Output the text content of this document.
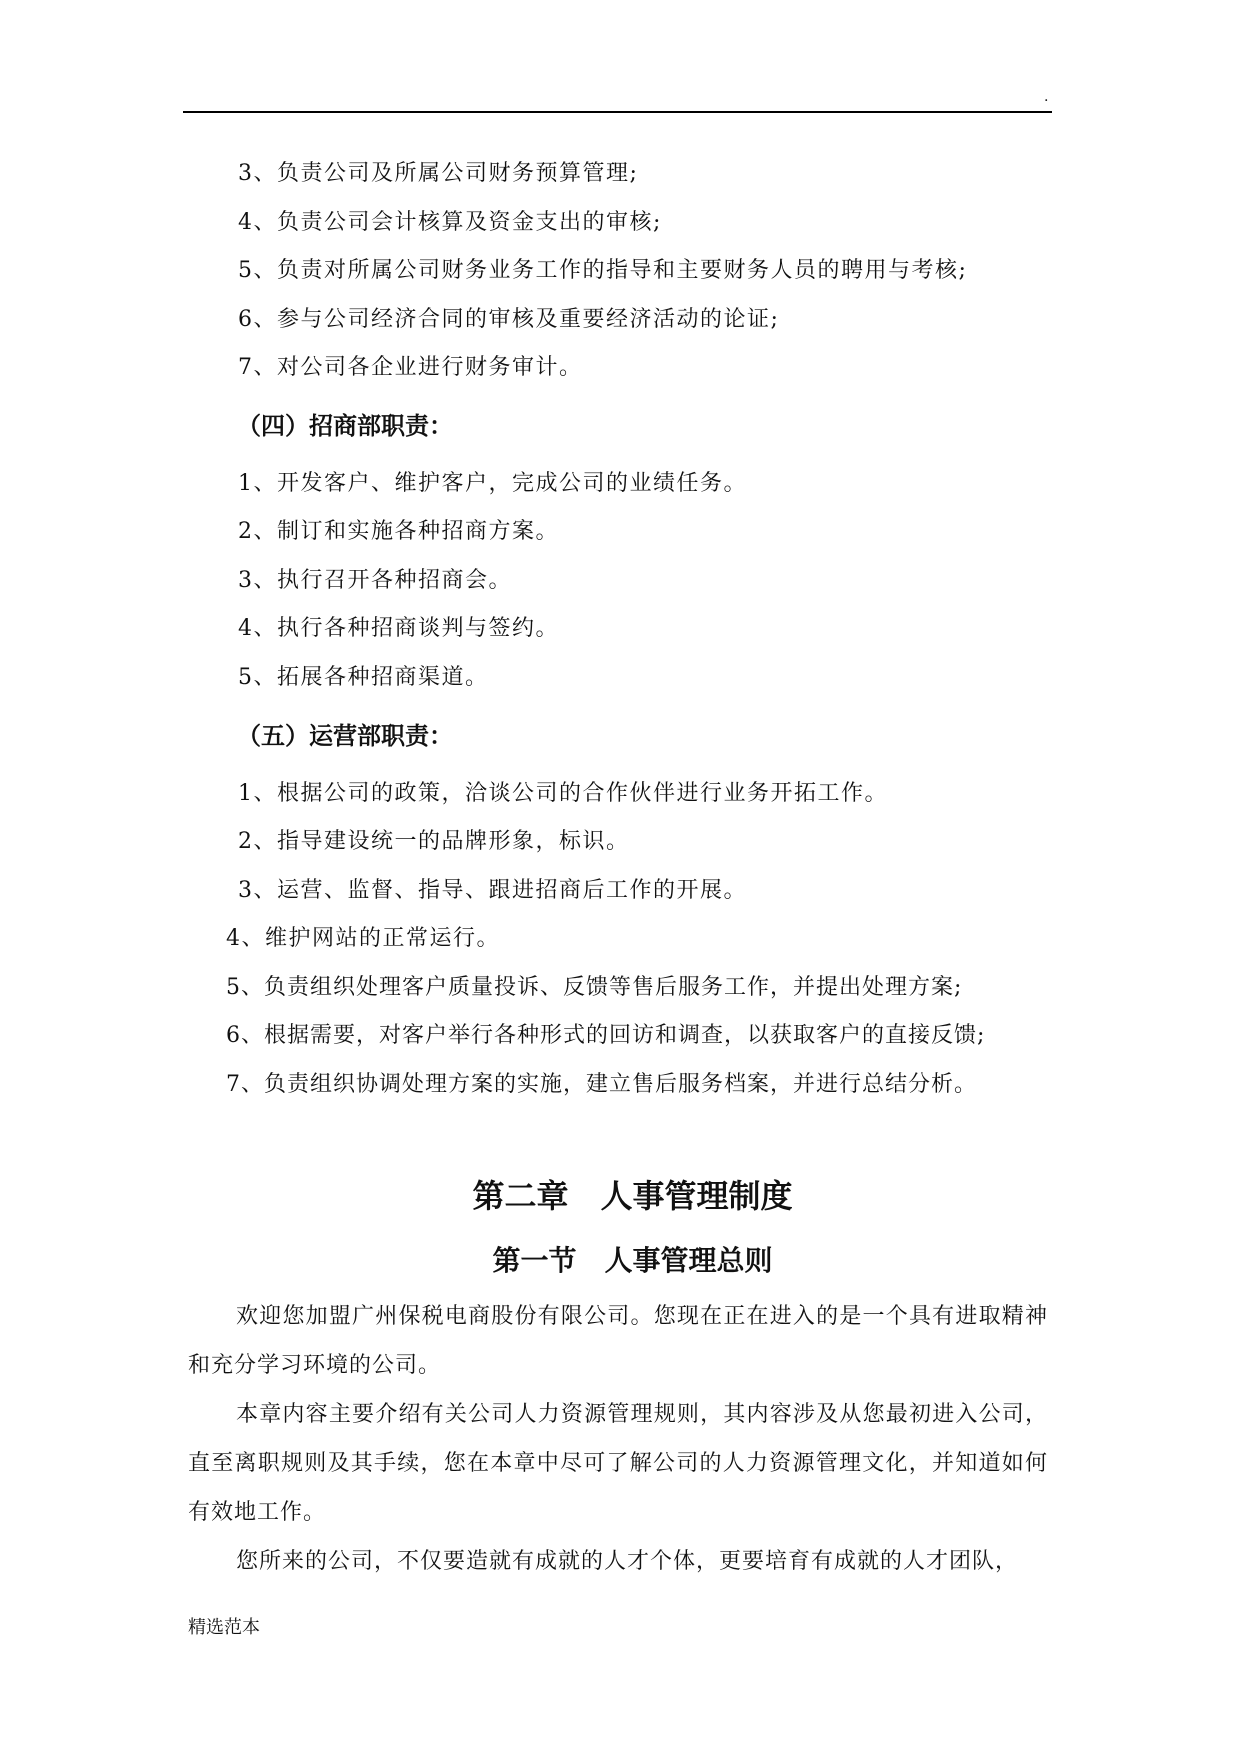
.
3、负责公司及所属公司财务预算管理;
4、负责公司会计核算及资金支出的审核;
5、负责对所属公司财务业务工作的指导和主要财务人员的聘用与考核;
6、参与公司经济合同的审核及重要经济活动的论证;
7、对公司各企业进行财务审计。
（四）招商部职责：
1、开发客户、维护客户，完成公司的业绩任务。
2、制订和实施各种招商方案。
3、执行召开各种招商会。
4、执行各种招商谈判与签约。
5、拓展各种招商渠道。
（五）运营部职责：
1、根据公司的政策，洽谈公司的合作伙伴进行业务开拓工作。
2、指导建设统一的品牌形象，标识。
3、运营、监督、指导、跟进招商后工作的开展。
4、维护网站的正常运行。
5、负责组织处理客户质量投诉、反馈等售后服务工作，并提出处理方案;
6、根据需要，对客户举行各种形式的回访和调查，以获取客户的直接反馈;
7、负责组织协调处理方案的实施，建立售后服务档案，并进行总结分析。
第二章　人事管理制度
第一节　人事管理总则

欢迎您加盟广州保税电商股份有限公司。您现在正在进入的是一个具有进取精神和充分学习环境的公司。

本章内容主要介绍有关公司人力资源管理规则，其内容涉及从您最初进入公司，直至离职规则及其手续，您在本章中尽可了解公司的人力资源管理文化，并知道如何有效地工作。

您所来的公司，不仅要造就有成就的人才个体，更要培育有成就的人才团队，

精选范本
